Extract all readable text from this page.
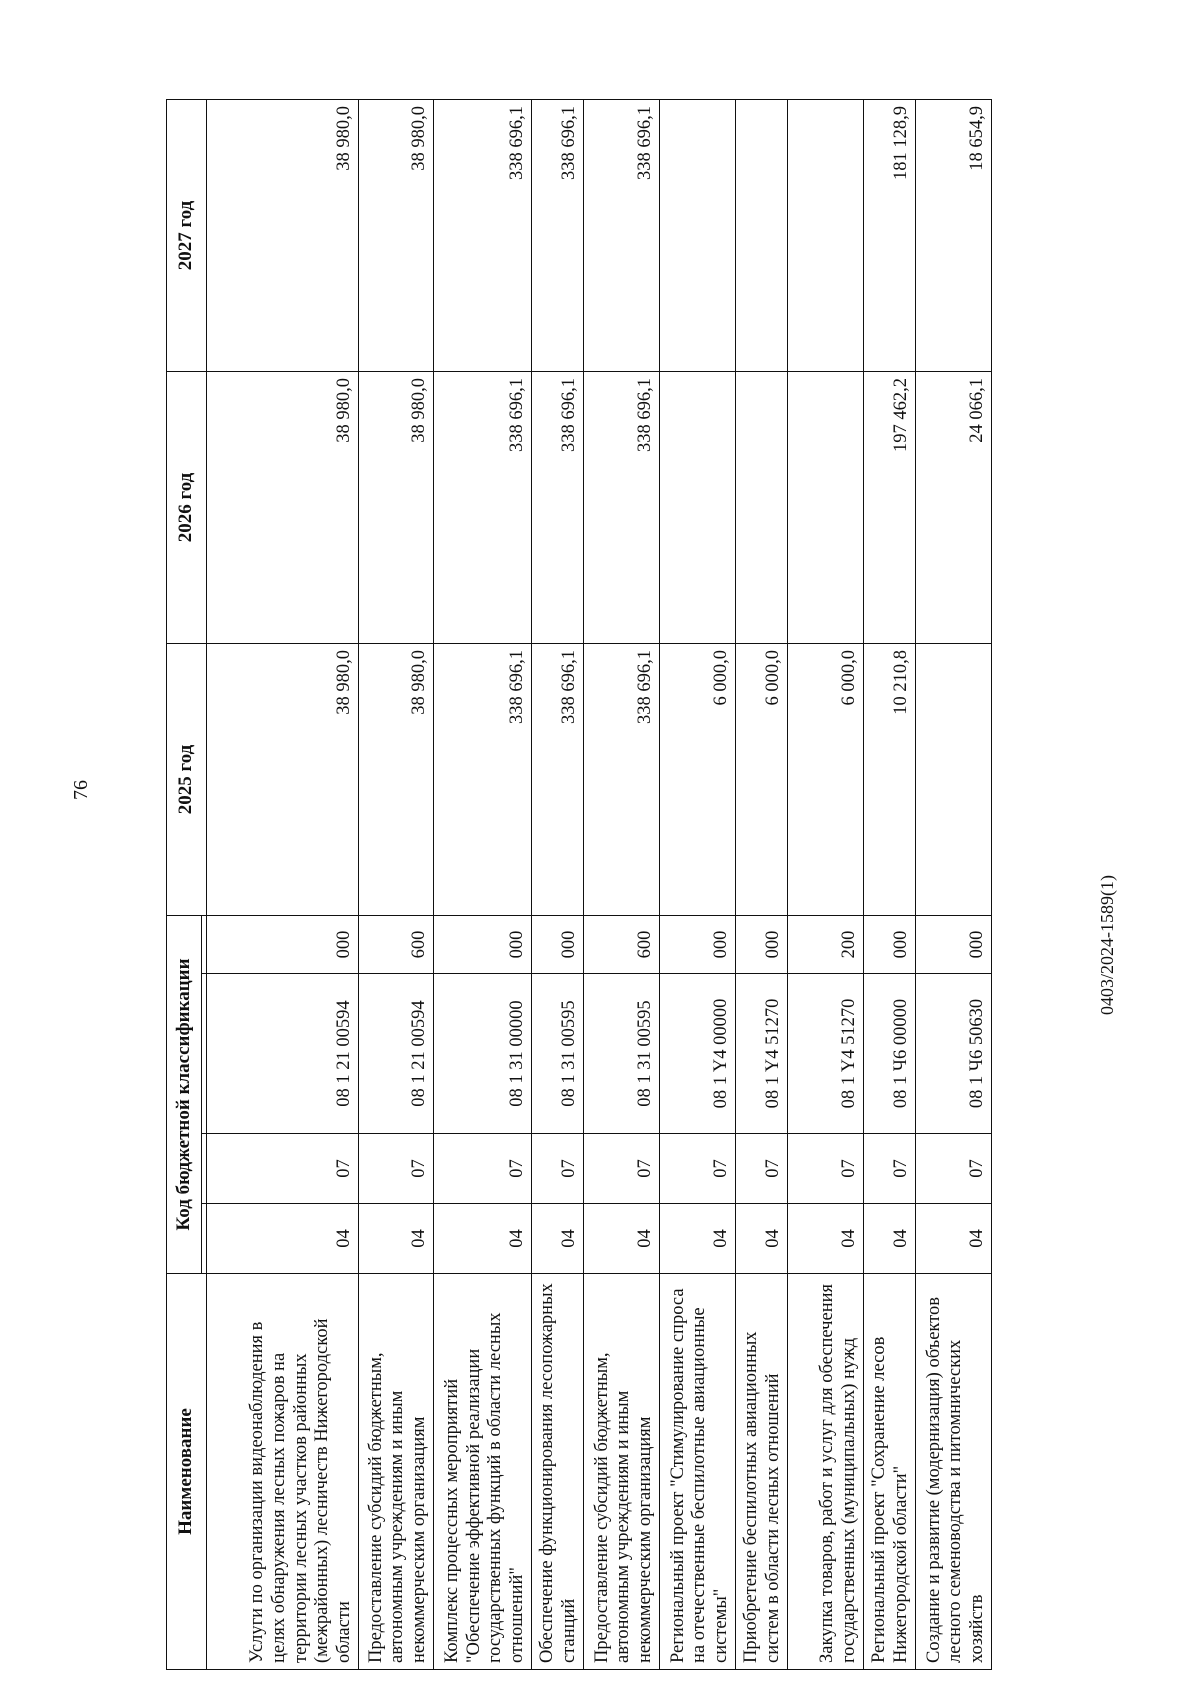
76
Наименование	Код бюджетной классификации				2025 год	2026 год	2027 год

Услуги по организации видеонаблюдения в целях обнаружения лесных пожаров на территории лесных участков районных (межрайонных) лесничеств Нижегородской области	04	07	08 1 21 00594	000	38 980,0	38 980,0	38 980,0
Предоставление субсидий бюджетным, автономным учреждениям и иным некоммерческим организациям	04	07	08 1 21 00594	600	38 980,0	38 980,0	38 980,0
Комплекс процессных мероприятий "Обеспечение эффективной реализации государственных функций в области лесных отношений"	04	07	08 1 31 00000	000	338 696,1	338 696,1	338 696,1
Обеспечение функционирования лесопожарных станций	04	07	08 1 31 00595	000	338 696,1	338 696,1	338 696,1
Предоставление субсидий бюджетным, автономным учреждениям и иным некоммерческим организациям	04	07	08 1 31 00595	600	338 696,1	338 696,1	338 696,1
Региональный проект "Стимулирование спроса на отечественные беспилотные авиационные системы"	04	07	08 1 Y4 00000	000	6 000,0		
Приобретение беспилотных авиационных систем в области лесных отношений	04	07	08 1 Y4 51270	000	6 000,0		
Закупка товаров, работ и услуг для обеспечения государственных (муниципальных) нужд	04	07	08 1 Y4 51270	200	6 000,0		
Региональный проект "Сохранение лесов Нижегородской области"	04	07	08 1 Ч6 00000	000	10 210,8	197 462,2	181 128,9
Создание и развитие (модернизация) объектов лесного семеноводства и питомнических хозяйств	04	07	08 1 Ч6 50630	000		24 066,1	18 654,9
0403/2024-1589(1)
